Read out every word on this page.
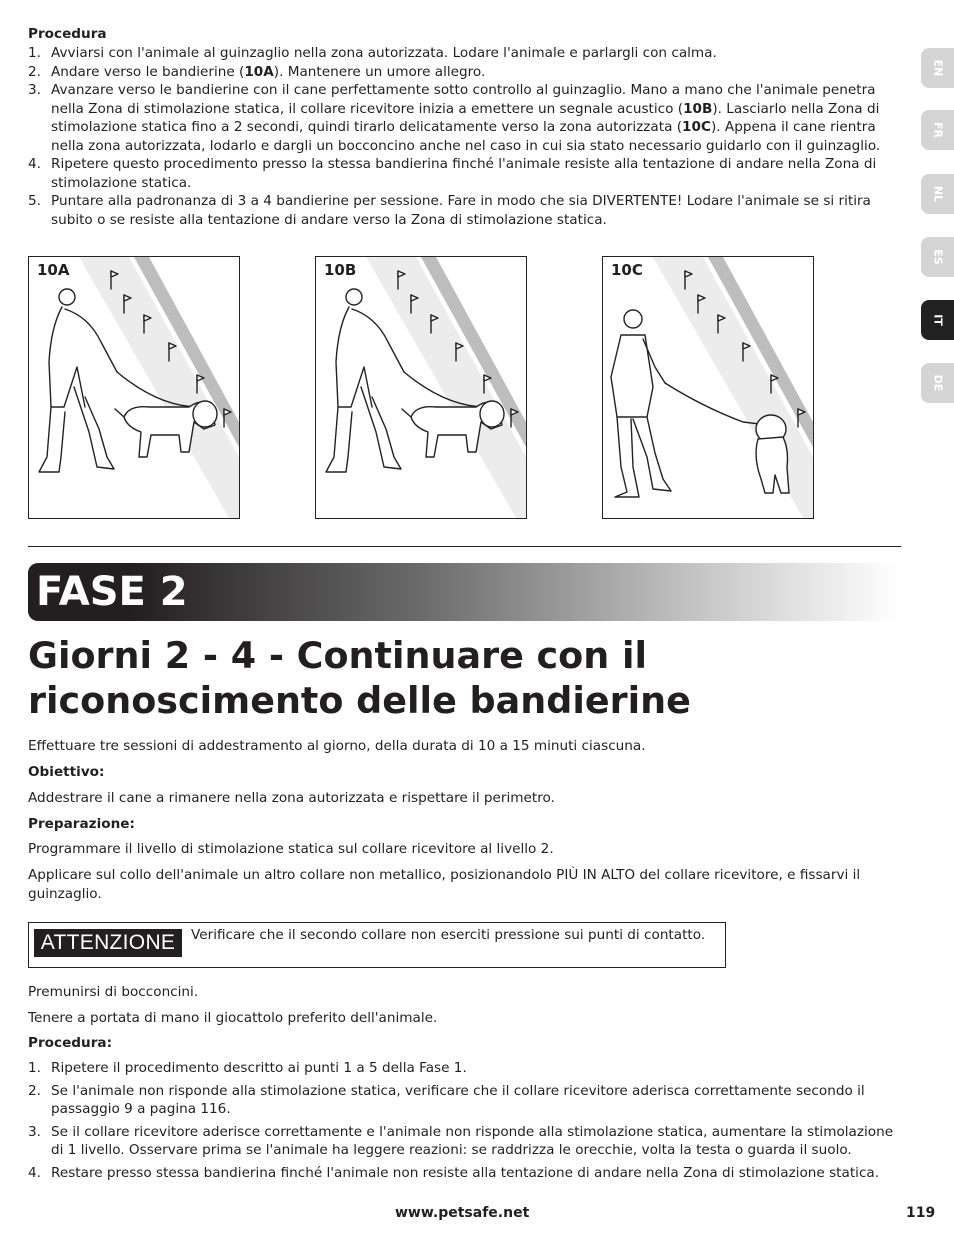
Procedura
1. Avviarsi con l'animale al guinzaglio nella zona autorizzata. Lodare l'animale e parlargli con calma.
2. Andare verso le bandierine (10A). Mantenere un umore allegro.
3. Avanzare verso le bandierine con il cane perfettamente sotto controllo al guinzaglio. Mano a mano che l'animale penetra nella Zona di stimolazione statica, il collare ricevitore inizia a emettere un segnale acustico (10B). Lasciarlo nella Zona di stimolazione statica fino a 2 secondi, quindi tirarlo delicatamente verso la zona autorizzata (10C). Appena il cane rientra nella zona autorizzata, lodarlo e dargli un bocconcino anche nel caso in cui sia stato necessario guidarlo con il guinzaglio.
4. Ripetere questo procedimento presso la stessa bandierina finché l'animale resiste alla tentazione di andare nella Zona di stimolazione statica.
5. Puntare alla padronanza di 3 a 4 bandierine per sessione. Fare in modo che sia DIVERTENTE! Lodare l'animale se si ritira subito o se resiste alla tentazione di andare verso la Zona di stimolazione statica.
10A	10B	10C
EN
FR
NL
ES
IT
DE
FASE 2
Giorni 2 - 4 - Continuare con il riconoscimento delle bandierine
Effettuare tre sessioni di addestramento al giorno, della durata di 10 a 15 minuti ciascuna.
Obiettivo:
Addestrare il cane a rimanere nella zona autorizzata e rispettare il perimetro.
Preparazione:
Programmare il livello di stimolazione statica sul collare ricevitore al livello 2.
Applicare sul collo dell'animale un altro collare non metallico, posizionandolo PIÙ IN ALTO del collare ricevitore, e fissarvi il guinzaglio.
ATTENZIONE	Verificare che il secondo collare non eserciti pressione sui punti di contatto.
Premunirsi di bocconcini.
Tenere a portata di mano il giocattolo preferito dell'animale.
Procedura:
1. Ripetere il procedimento descritto ai punti 1 a 5 della Fase 1.
2. Se l'animale non risponde alla stimolazione statica, verificare che il collare ricevitore aderisca correttamente secondo il passaggio 9 a pagina 116.
3. Se il collare ricevitore aderisce correttamente e l'animale non risponde alla stimolazione statica, aumentare la stimolazione di 1 livello. Osservare prima se l'animale ha leggere reazioni: se raddrizza le orecchie, volta la testa o guarda il suolo.
4. Restare presso stessa bandierina finché l'animale non resiste alla tentazione di andare nella Zona di stimolazione statica.
www.petsafe.net	119
